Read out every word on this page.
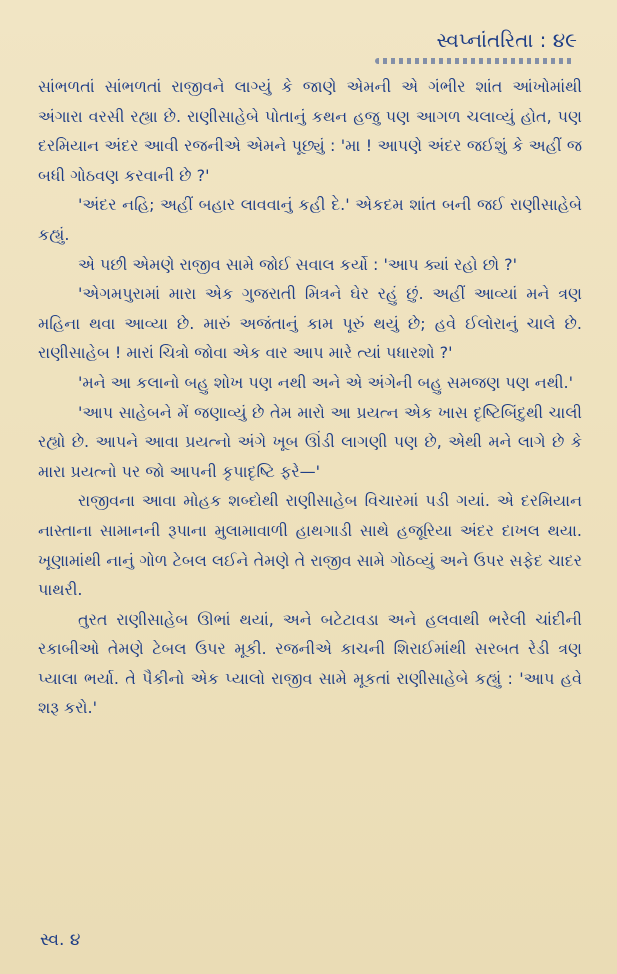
સ્વપ્નાંતરિતા : ૪૯

સાંભળતાં સાંભળતાં રાજીવને લાગ્યું કે જાણે એમની એ ગંભીર શાંત આંખોમાંથી અંગારા વરસી રહ્યા છે. રાણીસાહેબે પોતાનું કથન હજુ પણ આગળ ચલાવ્યું હોત, પણ દરમિયાન અંદર આવી રજનીએ એમને પૂછ્યું : 'મા ! આપણે અંદર જઈશું કે અહીં જ બધી ગોઠવણ કરવાની છે ?'

'અંદર નહિ; અહીં બહાર લાવવાનું કહી દે.' એકદમ શાંત બની જઈ રાણીસાહેબે કહ્યું.

એ પછી એમણે રાજીવ સામે જોઈ સવાલ કર્યો : 'આપ ક્યાં રહો છો ?'

'એગમપુરામાં મારા એક ગુજરાતી મિત્રને ઘેર રહું છું. અહીં આવ્યાં મને ત્રણ મહિના થવા આવ્યા છે. મારું અજંતાનું કામ પૂરું થયું છે; હવે ઈલોરાનું ચાલે છે. રાણીસાહેબ ! મારાં ચિત્રો જોવા એક વાર આપ મારે ત્યાં પધારશો ?'

'મને આ કલાનો બહુ શોખ પણ નથી અને એ અંગેની બહુ સમજણ પણ નથી.'

'આપ સાહેબને મેં જણાવ્યું છે તેમ મારો આ પ્રયત્ન એક ખાસ દૃષ્ટિબિંદુથી ચાલી રહ્યો છે. આપને આવા પ્રયત્નો અંગે ખૂબ ઊંડી લાગણી પણ છે, એથી મને લાગે છે કે મારા પ્રયત્નો પર જો આપની કૃપાદૃષ્ટિ ફરે—'

રાજીવના આવા મોહક શબ્દોથી રાણીસાહેબ વિચારમાં પડી ગયાં. એ દરમિયાન નાસ્તાના સામાનની રૂપાના મુલામાવાળી હાથગાડી સાથે હજૂરિયા અંદર દાખલ થયા. ખૂણામાંથી નાનું ગોળ ટેબલ લઈને તેમણે તે રાજીવ સામે ગોઠવ્યું અને ઉપર સફેદ ચાદર પાથરી.

તુરત રાણીસાહેબ ઊભાં થયાં, અને બટેટાવડા અને હલવાથી ભરેલી ચાંદીની રકાબીઓ તેમણે ટેબલ ઉપર મૂકી. રજનીએ કાચની શિરાઈમાંથી સરબત રેડી ત્રણ પ્યાલા ભર્યા. તે પૈકીનો એક પ્યાલો રાજીવ સામે મૂકતાં રાણીસાહેબે કહ્યું : 'આપ હવે શરૂ કરો.'

સ્વ. ૪
